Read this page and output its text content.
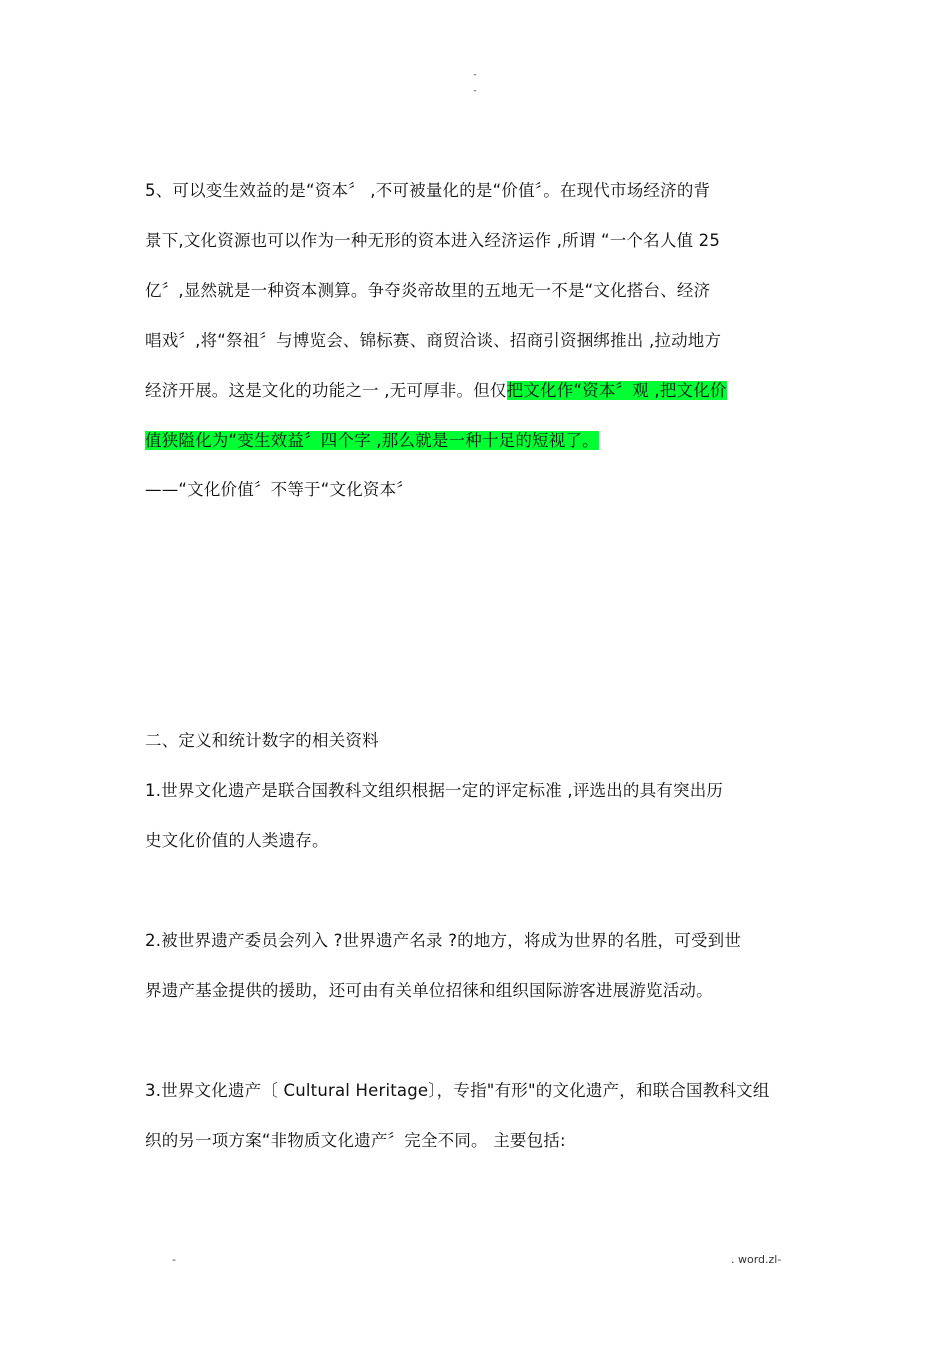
-
-
5、可以变生效益的是“资本〞 ,不可被量化的是“价值〞。在现代市场经济的背
景下,文化资源也可以作为一种无形的资本进入经济运作 ,所谓 “一个名人值 25
亿〞,显然就是一种资本测算。争夺炎帝故里的五地无一不是“文化搭台、经济
唱戏〞,将“祭祖〞与博览会、锦标赛、商贸洽谈、招商引资捆绑推出 ,拉动地方
经济开展。这是文化的功能之一 ,无可厚非。但仅把文化作“资本〞观 ,把文化价
值狭隘化为“变生效益〞四个字 ,那么就是一种十足的短视了。
——“文化价值〞不等于“文化资本〞
二、定义和统计数字的相关资料
1.世界文化遗产是联合国教科文组织根据一定的评定标准 ,评选出的具有突出历
史文化价值的人类遗存。
2.被世界遗产委员会列入 ?世界遗产名录 ?的地方，将成为世界的名胜，可受到世
界遗产基金提供的援助，还可由有关单位招徕和组织国际游客进展游览活动。
3.世界文化遗产〔 Cultural Heritage〕，专指"有形"的文化遗产，和联合国教科文组
织的另一项方案“非物质文化遗产〞完全不同。 主要包括:
-	. word.zl-
